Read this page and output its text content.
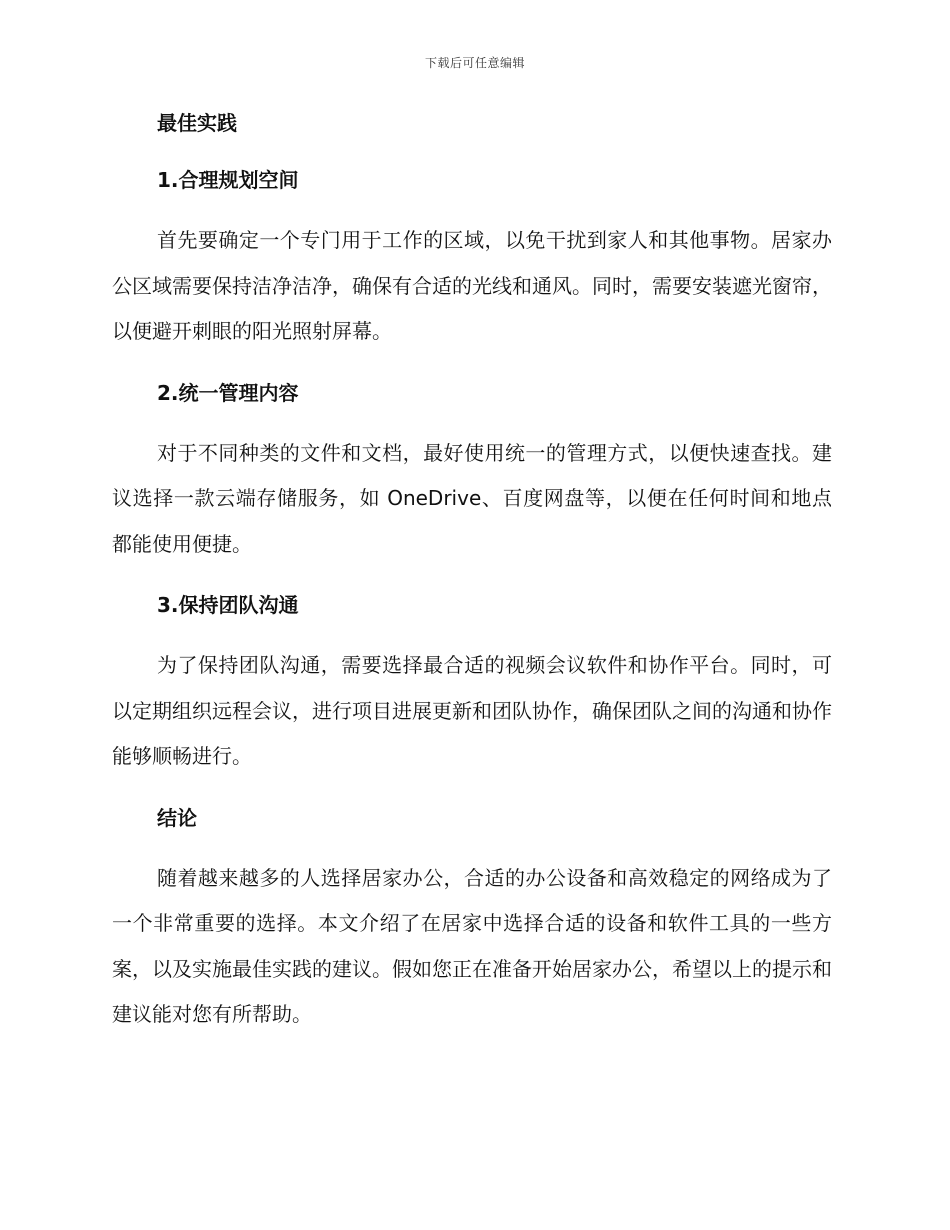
下载后可任意编辑
最佳实践
1.合理规划空间

首先要确定一个专门用于工作的区域，以免干扰到家人和其他事物。居家办公区域需要保持洁净洁净，确保有合适的光线和通风。同时，需要安装遮光窗帘，以便避开刺眼的阳光照射屏幕。

2.统一管理内容

对于不同种类的文件和文档，最好使用统一的管理方式，以便快速查找。建议选择一款云端存储服务，如 OneDrive、百度网盘等，以便在任何时间和地点都能使用便捷。

3.保持团队沟通

为了保持团队沟通，需要选择最合适的视频会议软件和协作平台。同时，可以定期组织远程会议，进行项目进展更新和团队协作，确保团队之间的沟通和协作能够顺畅进行。

结论

随着越来越多的人选择居家办公，合适的办公设备和高效稳定的网络成为了一个非常重要的选择。本文介绍了在居家中选择合适的设备和软件工具的一些方案，以及实施最佳实践的建议。假如您正在准备开始居家办公，希望以上的提示和建议能对您有所帮助。
